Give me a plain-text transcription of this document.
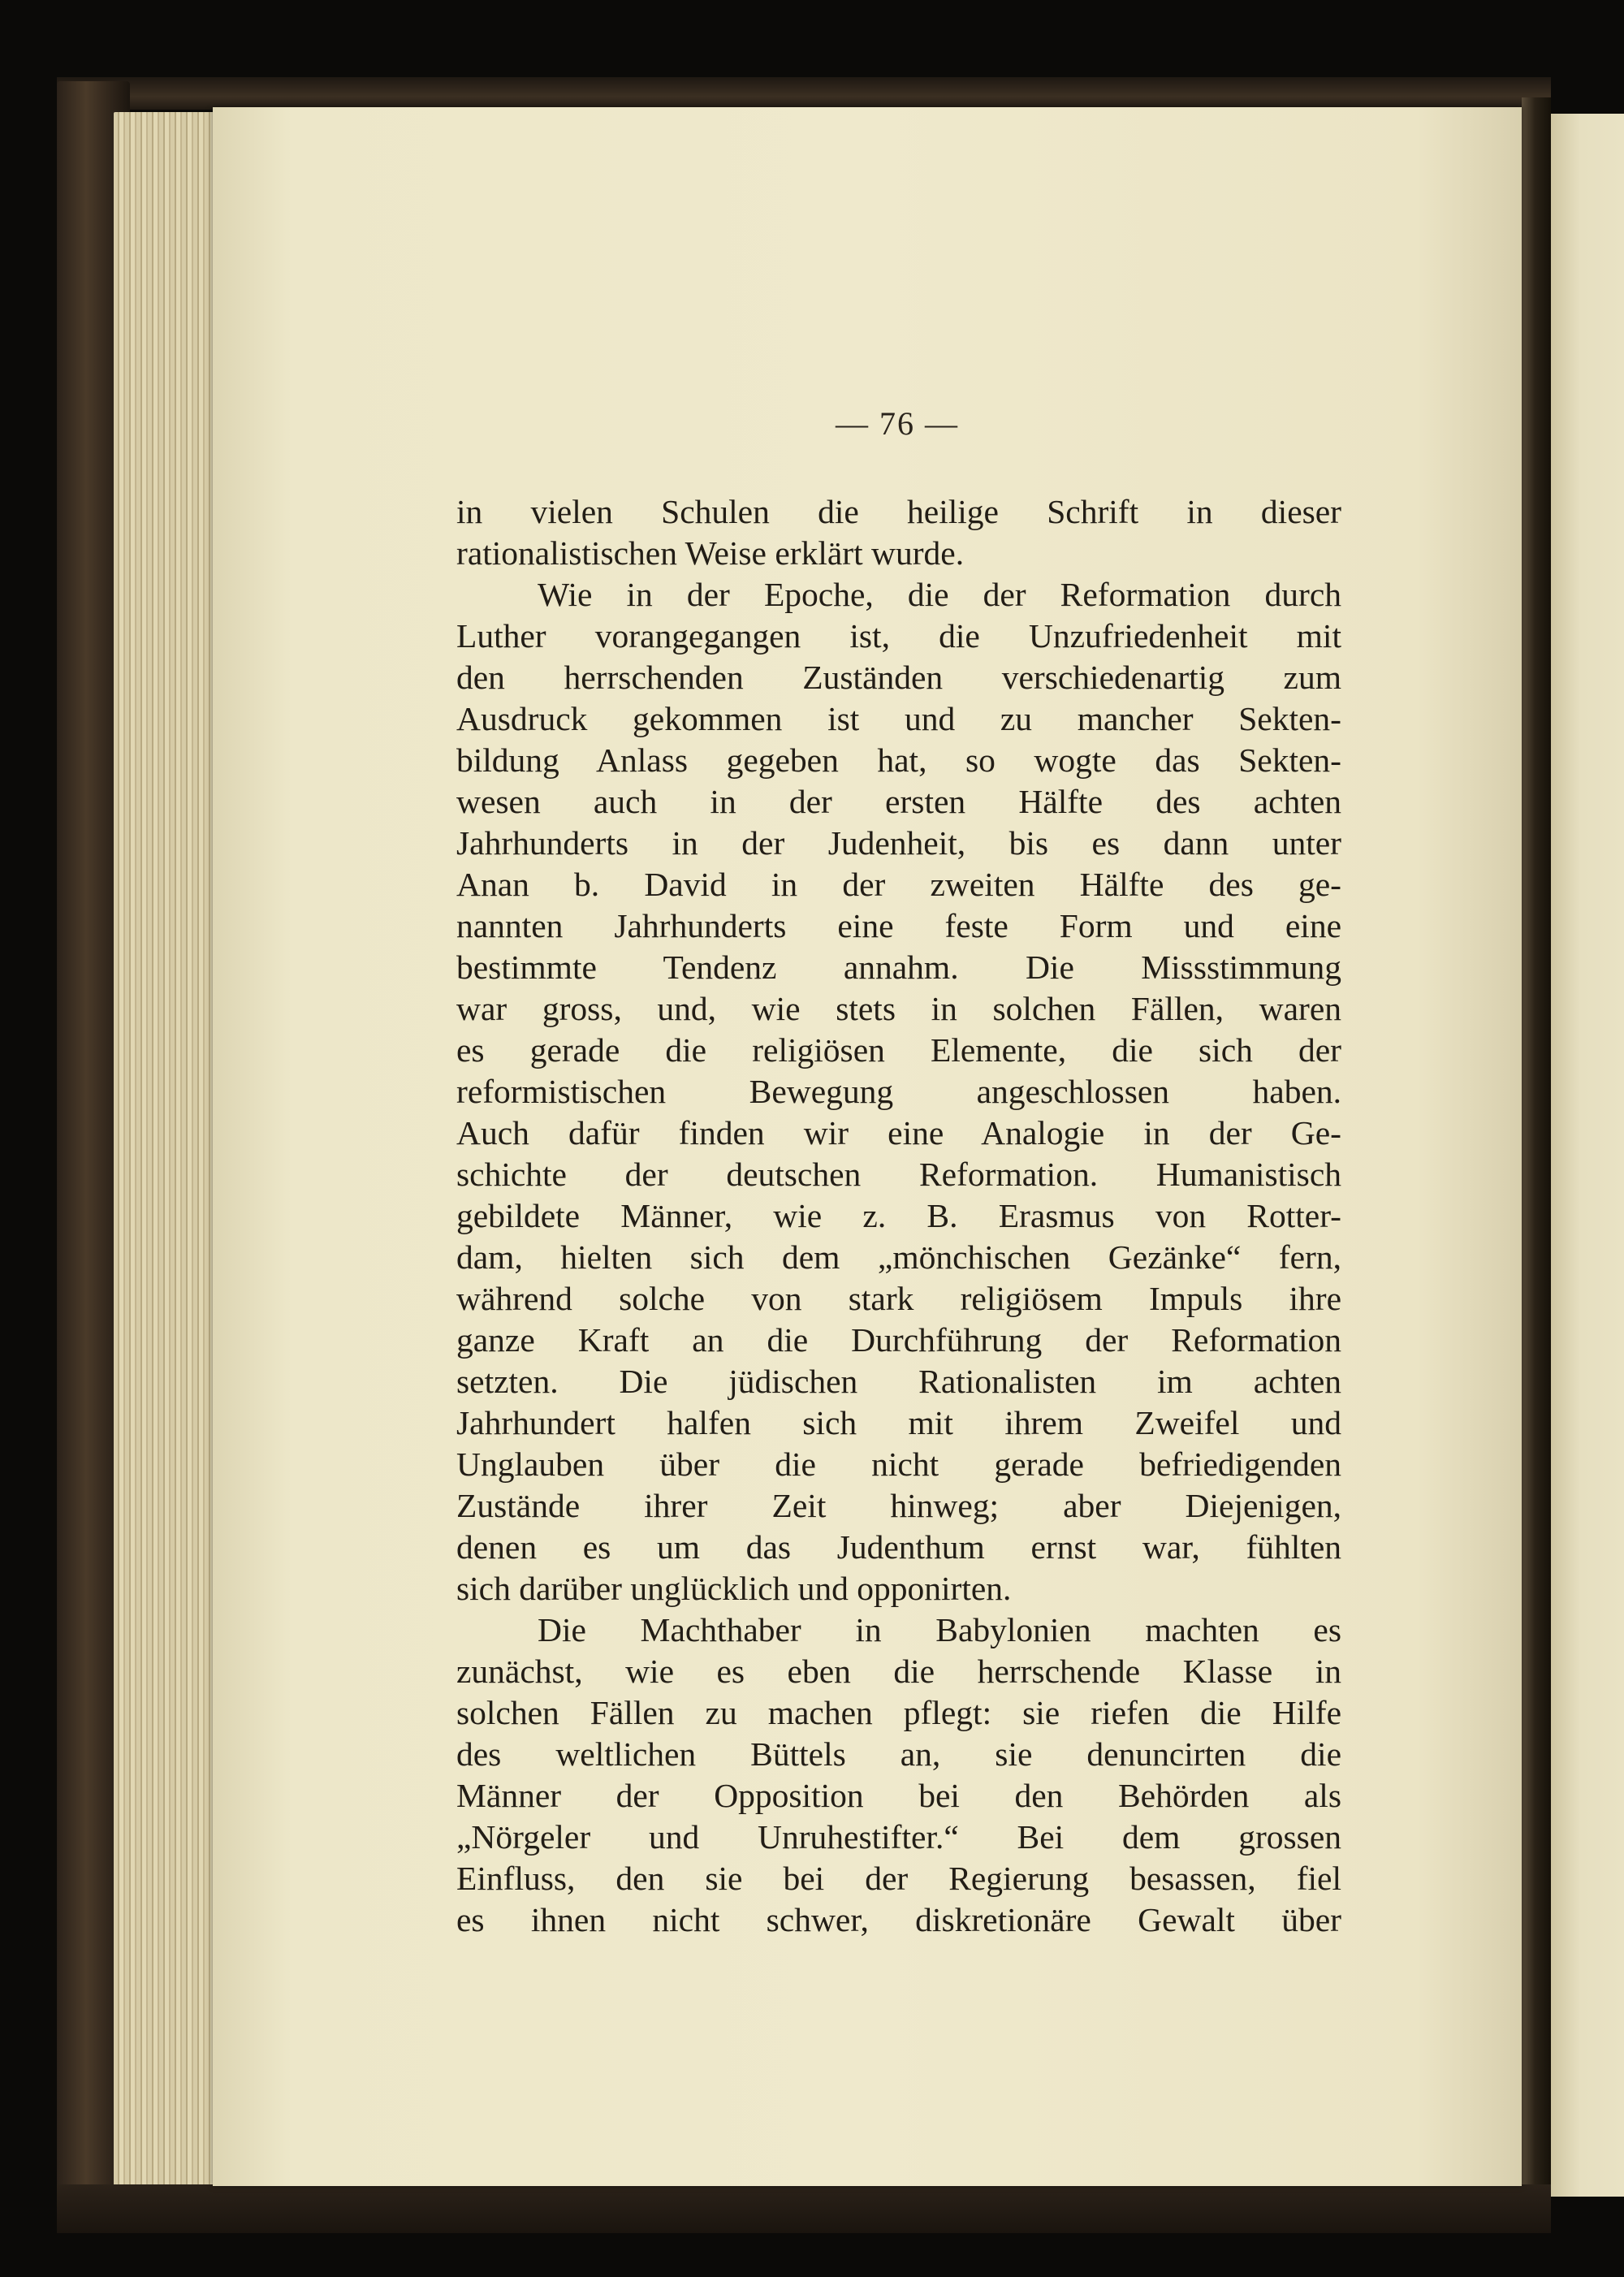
— 76 —
in vielen Schulen die heilige Schrift in dieser
rationalistischen Weise erklärt wurde.
Wie in der Epoche, die der Reformation durch
Luther vorangegangen ist, die Unzufriedenheit mit
den herrschenden Zuständen verschiedenartig zum
Ausdruck gekommen ist und zu mancher Sekten-
bildung Anlass gegeben hat, so wogte das Sekten-
wesen auch in der ersten Hälfte des achten
Jahrhunderts in der Judenheit, bis es dann unter
Anan b. David in der zweiten Hälfte des ge-
nannten Jahrhunderts eine feste Form und eine
bestimmte Tendenz annahm. Die Missstimmung
war gross, und, wie stets in solchen Fällen, waren
es gerade die religiösen Elemente, die sich der
reformistischen Bewegung angeschlossen haben.
Auch dafür finden wir eine Analogie in der Ge-
schichte der deutschen Reformation. Humanistisch
gebildete Männer, wie z. B. Erasmus von Rotter-
dam, hielten sich dem „mönchischen Gezänke“ fern,
während solche von stark religiösem Impuls ihre
ganze Kraft an die Durchführung der Reformation
setzten. Die jüdischen Rationalisten im achten
Jahrhundert halfen sich mit ihrem Zweifel und
Unglauben über die nicht gerade befriedigenden
Zustände ihrer Zeit hinweg; aber Diejenigen,
denen es um das Judenthum ernst war, fühlten
sich darüber unglücklich und opponirten.
Die Machthaber in Babylonien machten es
zunächst, wie es eben die herrschende Klasse in
solchen Fällen zu machen pflegt: sie riefen die Hilfe
des weltlichen Büttels an, sie denuncirten die
Männer der Opposition bei den Behörden als
„Nörgeler und Unruhestifter.“ Bei dem grossen
Einfluss, den sie bei der Regierung besassen, fiel
es ihnen nicht schwer, diskretionäre Gewalt über
